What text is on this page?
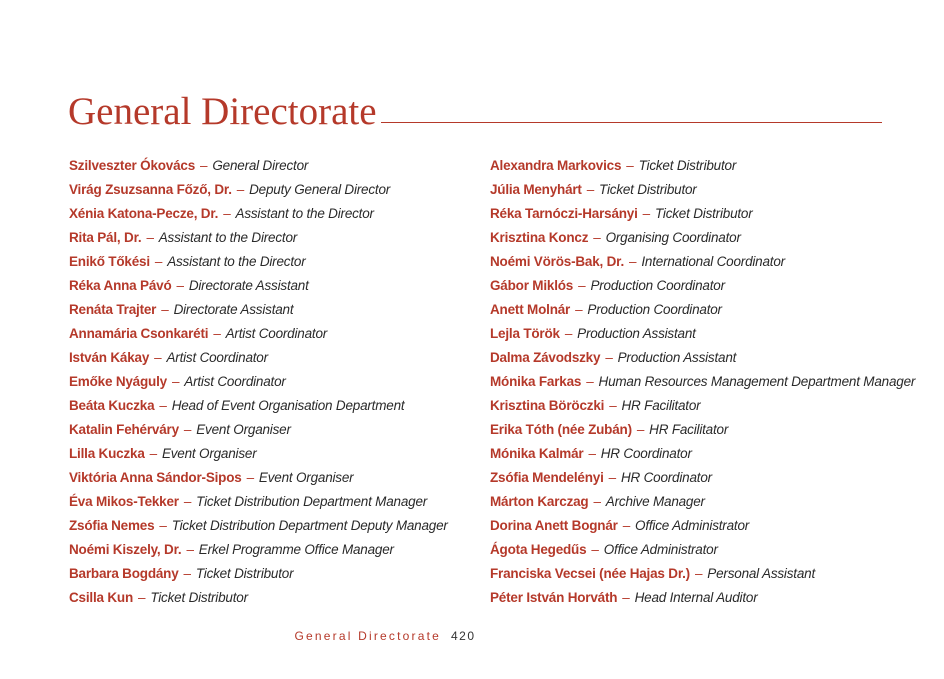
General Directorate
Szilveszter Ókovács – General Director
Virág Zsuzsanna Főző, Dr. – Deputy General Director
Xénia Katona-Pecze, Dr. – Assistant to the Director
Rita Pál, Dr. – Assistant to the Director
Enikő Tőkési – Assistant to the Director
Réka Anna Pávó – Directorate Assistant
Renáta Trajter – Directorate Assistant
Annamária Csonkaréti – Artist Coordinator
István Kákay – Artist Coordinator
Emőke Nyáguly – Artist Coordinator
Beáta Kuczka – Head of Event Organisation Department
Katalin Fehérváry – Event Organiser
Lilla Kuczka – Event Organiser
Viktória Anna Sándor-Sipos – Event Organiser
Éva Mikos-Tekker – Ticket Distribution Department Manager
Zsófia Nemes – Ticket Distribution Department Deputy Manager
Noémi Kiszely, Dr. – Erkel Programme Office Manager
Barbara Bogdány – Ticket Distributor
Csilla Kun – Ticket Distributor
Alexandra Markovics – Ticket Distributor
Júlia Menyhárt – Ticket Distributor
Réka Tarnóczi-Harsányi – Ticket Distributor
Krisztina Koncz – Organising Coordinator
Noémi Vörös-Bak, Dr. – International Coordinator
Gábor Miklós – Production Coordinator
Anett Molnár – Production Coordinator
Lejla Török – Production Assistant
Dalma Závodszky – Production Assistant
Mónika Farkas – Human Resources Management Department Manager
Krisztina Böröczki – HR Facilitator
Erika Tóth (née Zubán) – HR Facilitator
Mónika Kalmár – HR Coordinator
Zsófia Mendelényi – HR Coordinator
Márton Karczag – Archive Manager
Dorina Anett Bognár – Office Administrator
Ágota Hegedűs – Office Administrator
Franciska Vecsei (née Hajas Dr.) – Personal Assistant
Péter István Horváth – Head Internal Auditor
General Directorate 420
